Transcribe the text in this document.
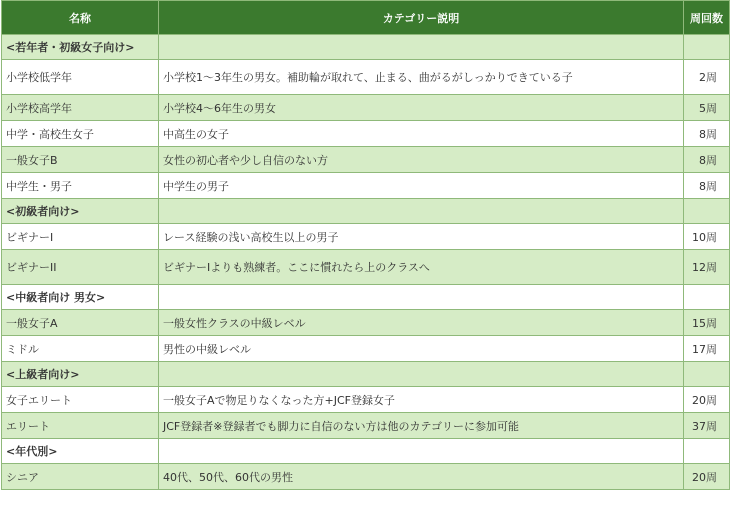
名称	カテゴリー説明	周回数
<若年者・初級女子向け>		
小学校低学年	小学校1～3年生の男女。補助輪が取れて、止まる、曲がるがしっかりできている子	2周
小学校高学年	小学校4～6年生の男女	5周
中学・高校生女子	中高生の女子	8周
一般女子B	女性の初心者や少し自信のない方	8周
中学生・男子	中学生の男子	8周
<初級者向け>		
ビギナーI	レース経験の浅い高校生以上の男子	10周
ビギナーII	ビギナーIよりも熟練者。ここに慣れたら上のクラスへ	12周
<中級者向け 男女>		
一般女子A	一般女性クラスの中級レベル	15周
ミドル	男性の中級レベル	17周
<上級者向け>		
女子エリート	一般女子Aで物足りなくなった方+JCF登録女子	20周
エリート	JCF登録者※登録者でも脚力に自信のない方は他のカテゴリーに参加可能	37周
<年代別>		
シニア	40代、50代、60代の男性	20周
